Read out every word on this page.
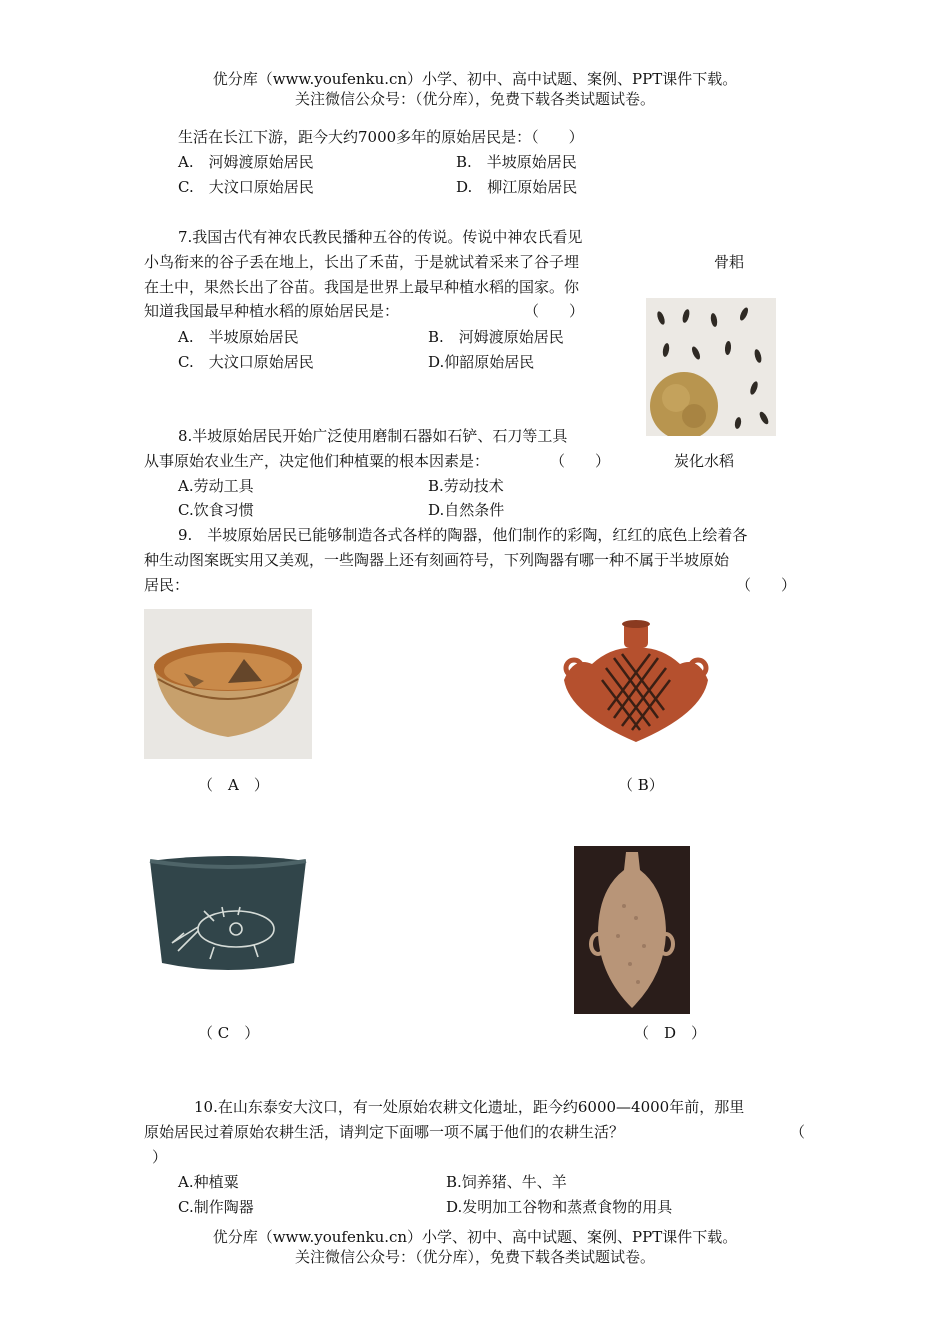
优分库（www.youfenku.cn）小学、初中、高中试题、案例、PPT课件下载。
关注微信公众号：（优分库），免费下载各类试题试卷。
生活在长江下游，距今大约7000多年的原始居民是：（　　）
A.　河姆渡原始居民	B.　半坡原始居民
C.　大汶口原始居民	D.　柳江原始居民
7.我国古代有神农氏教民播种五谷的传说。传说中神农氏看见
小鸟衔来的谷子丢在地上，长出了禾苗，于是就试着采来了谷子埋
在土中，果然长出了谷苗。我国是世界上最早种植水稻的国家。你
知道我国最早种植水稻的原始居民是：	（　　）
A.　半坡原始居民	B.　河姆渡原始居民
C.　大汶口原始居民	D.仰韶原始居民
骨耜
炭化水稻
8.半坡原始居民开始广泛使用磨制石器如石铲、石刀等工具
从事原始农业生产，决定他们种植粟的根本因素是：	（　　）
A.劳动工具	B.劳动技术
C.饮食习惯	D.自然条件
9.　半坡原始居民已能够制造各式各样的陶器，他们制作的彩陶，红红的底色上绘着各
种生动图案既实用又美观，一些陶器上还有刻画符号，下列陶器有哪一种不属于半坡原始
居民：	（　　）
（　A　）	（ B）
（ C　）	（　D　）
10.在山东泰安大汶口，有一处原始农耕文化遗址，距今约6000—4000年前，那里
原始居民过着原始农耕生活，请判定下面哪一项不属于他们的农耕生活？	（
）
A.种植粟	B.饲养猪、牛、羊
C.制作陶器	D.发明加工谷物和蒸煮食物的用具
优分库（www.youfenku.cn）小学、初中、高中试题、案例、PPT课件下载。
关注微信公众号：（优分库），免费下载各类试题试卷。
